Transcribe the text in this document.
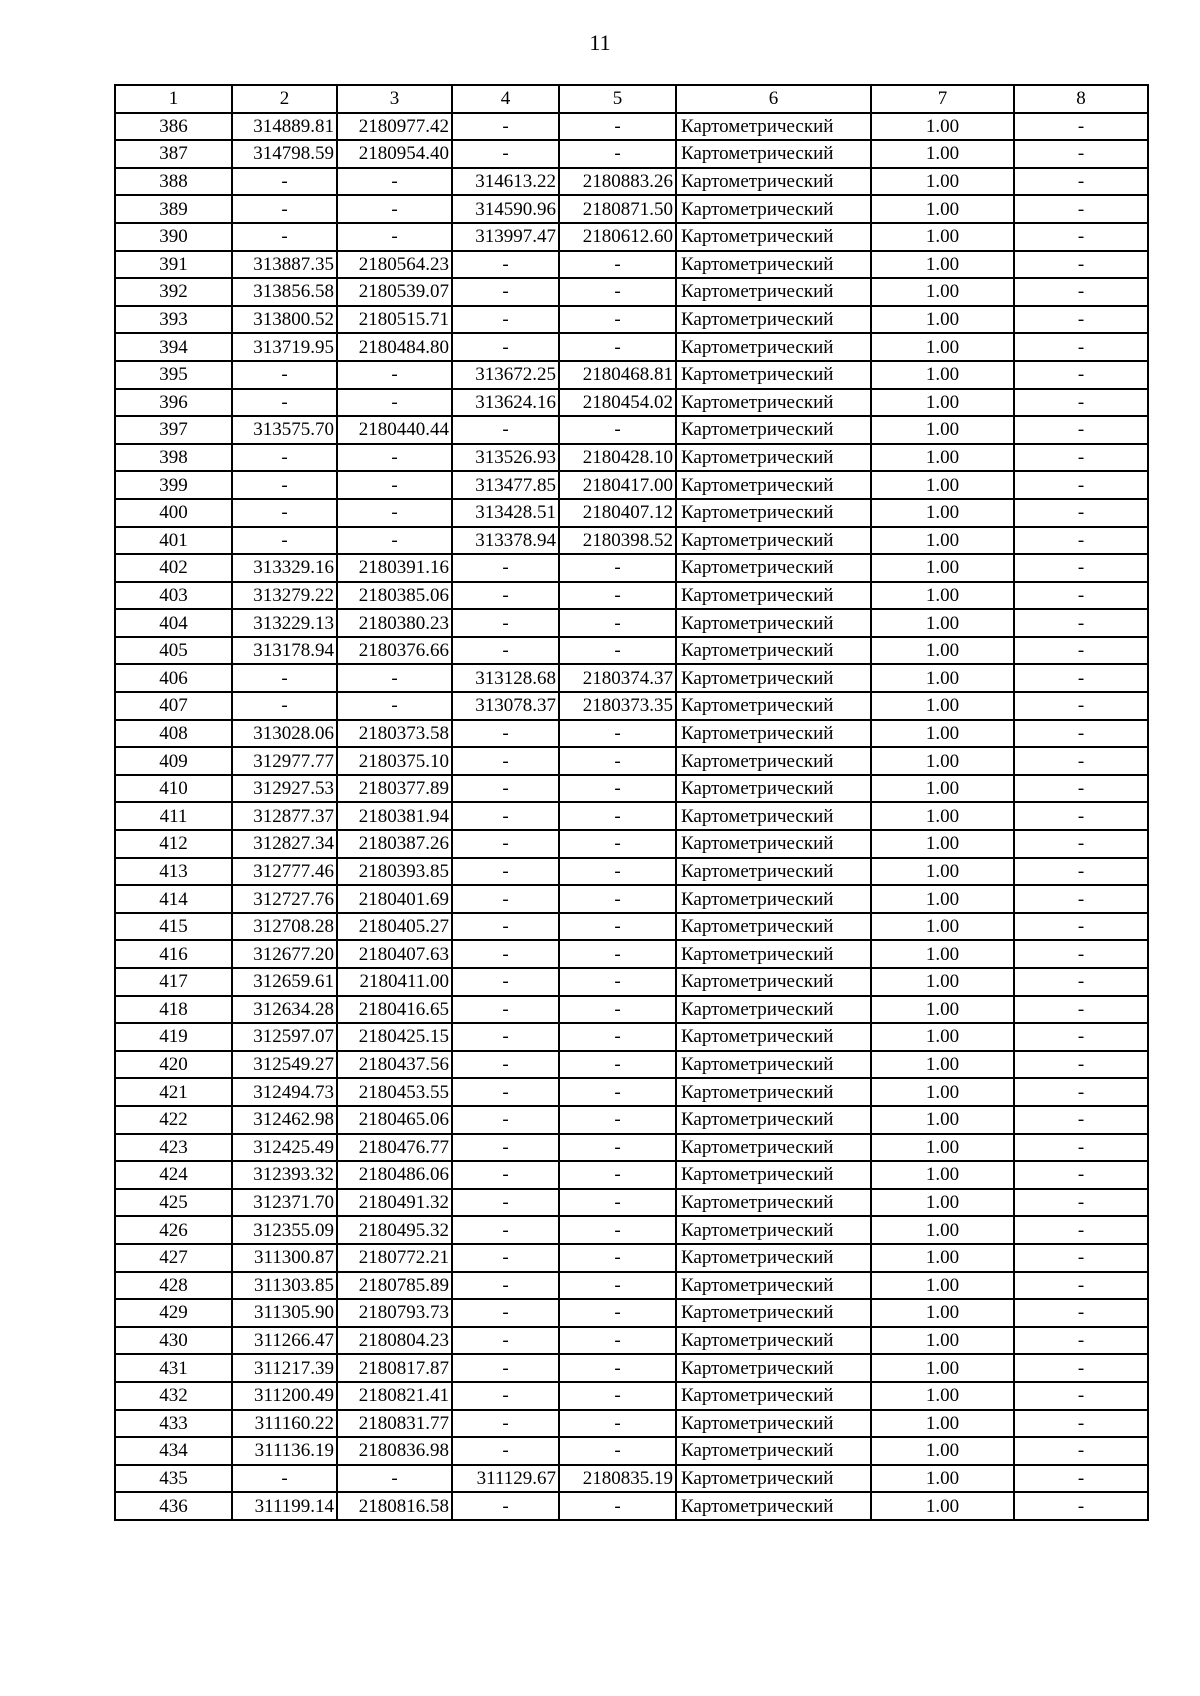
11
1	2	3	4	5	6	7	8
386	314889.81	2180977.42	-	-	Картометрический	1.00	-
387	314798.59	2180954.40	-	-	Картометрический	1.00	-
388	-	-	314613.22	2180883.26	Картометрический	1.00	-
389	-	-	314590.96	2180871.50	Картометрический	1.00	-
390	-	-	313997.47	2180612.60	Картометрический	1.00	-
391	313887.35	2180564.23	-	-	Картометрический	1.00	-
392	313856.58	2180539.07	-	-	Картометрический	1.00	-
393	313800.52	2180515.71	-	-	Картометрический	1.00	-
394	313719.95	2180484.80	-	-	Картометрический	1.00	-
395	-	-	313672.25	2180468.81	Картометрический	1.00	-
396	-	-	313624.16	2180454.02	Картометрический	1.00	-
397	313575.70	2180440.44	-	-	Картометрический	1.00	-
398	-	-	313526.93	2180428.10	Картометрический	1.00	-
399	-	-	313477.85	2180417.00	Картометрический	1.00	-
400	-	-	313428.51	2180407.12	Картометрический	1.00	-
401	-	-	313378.94	2180398.52	Картометрический	1.00	-
402	313329.16	2180391.16	-	-	Картометрический	1.00	-
403	313279.22	2180385.06	-	-	Картометрический	1.00	-
404	313229.13	2180380.23	-	-	Картометрический	1.00	-
405	313178.94	2180376.66	-	-	Картометрический	1.00	-
406	-	-	313128.68	2180374.37	Картометрический	1.00	-
407	-	-	313078.37	2180373.35	Картометрический	1.00	-
408	313028.06	2180373.58	-	-	Картометрический	1.00	-
409	312977.77	2180375.10	-	-	Картометрический	1.00	-
410	312927.53	2180377.89	-	-	Картометрический	1.00	-
411	312877.37	2180381.94	-	-	Картометрический	1.00	-
412	312827.34	2180387.26	-	-	Картометрический	1.00	-
413	312777.46	2180393.85	-	-	Картометрический	1.00	-
414	312727.76	2180401.69	-	-	Картометрический	1.00	-
415	312708.28	2180405.27	-	-	Картометрический	1.00	-
416	312677.20	2180407.63	-	-	Картометрический	1.00	-
417	312659.61	2180411.00	-	-	Картометрический	1.00	-
418	312634.28	2180416.65	-	-	Картометрический	1.00	-
419	312597.07	2180425.15	-	-	Картометрический	1.00	-
420	312549.27	2180437.56	-	-	Картометрический	1.00	-
421	312494.73	2180453.55	-	-	Картометрический	1.00	-
422	312462.98	2180465.06	-	-	Картометрический	1.00	-
423	312425.49	2180476.77	-	-	Картометрический	1.00	-
424	312393.32	2180486.06	-	-	Картометрический	1.00	-
425	312371.70	2180491.32	-	-	Картометрический	1.00	-
426	312355.09	2180495.32	-	-	Картометрический	1.00	-
427	311300.87	2180772.21	-	-	Картометрический	1.00	-
428	311303.85	2180785.89	-	-	Картометрический	1.00	-
429	311305.90	2180793.73	-	-	Картометрический	1.00	-
430	311266.47	2180804.23	-	-	Картометрический	1.00	-
431	311217.39	2180817.87	-	-	Картометрический	1.00	-
432	311200.49	2180821.41	-	-	Картометрический	1.00	-
433	311160.22	2180831.77	-	-	Картометрический	1.00	-
434	311136.19	2180836.98	-	-	Картометрический	1.00	-
435	-	-	311129.67	2180835.19	Картометрический	1.00	-
436	311199.14	2180816.58	-	-	Картометрический	1.00	-
